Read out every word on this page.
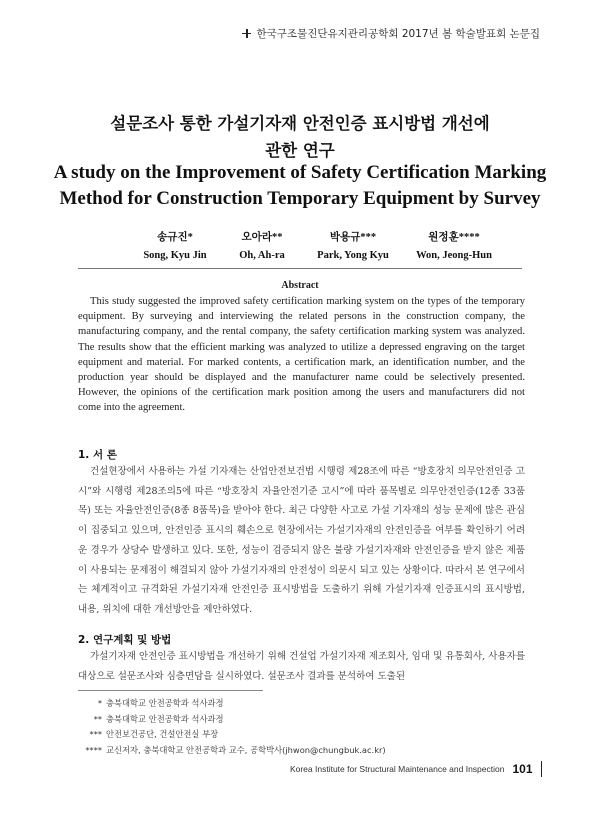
한국구조물진단유지관리공학회 2017년 봄 학술발표회 논문집
설문조사 통한 가설기자재 안전인증 표시방법 개선에
관한 연구
A study on the Improvement of Safety Certification Marking
Method for Construction Temporary Equipment by Survey
송규진*
Song, Kyu Jin
오아라**
Oh, Ah-ra
박용규***
Park, Yong Kyu
원정훈****
Won, Jeong-Hun
Abstract
This study suggested the improved safety certification marking system on the types of the temporary equipment. By surveying and interviewing the related persons in the construction company, the manufacturing company, and the rental company, the safety certification marking system was analyzed. The results show that the efficient marking was analyzed to utilize a depressed engraving on the target equipment and material. For marked contents, a certification mark, an identification number, and the production year should be displayed and the manufacturer name could be selectively presented. However, the opinions of the certification mark position among the users and manufacturers did not come into the agreement.
1. 서 론
건설현장에서 사용하는 가설 기자재는 산업안전보건법 시행령 제28조에 따른 “방호장치 의무안전인증 고시”와 시행령 제28조의5에 따른 “방호장치 자율안전기준 고시”에 따라 품목별로 의무안전인증(12종 33품목) 또는 자율안전인증(8종 8품목)을 받아야 한다. 최근 다양한 사고로 가설 기자재의 성능 문제에 많은 관심이 집중되고 있으며, 안전인증 표시의 훼손으로 현장에서는 가설기자재의 안전인증을 여부를 확인하기 어려운 경우가 상당수 발생하고 있다. 또한, 성능이 검증되지 않은 불량 가설기자재와 안전인증을 받지 않은 제품이 사용되는 문제점이 해결되지 않아 가설기자재의 안전성이 의문시 되고 있는 상황이다. 따라서 본 연구에서는 체계적이고 규격화된 가설기자재 안전인증 표시방법을 도출하기 위해 가설기자재 인증표시의 표시방법, 내용, 위치에 대한 개선방안을 제안하였다.
2. 연구계획 및 방법
가설기자재 안전인증 표시방법을 개선하기 위해 건설업 가설기자재 제조회사, 임대 및 유통회사, 사용자를 대상으로 설문조사와 심층면담을 실시하였다. 설문조사 결과를 분석하여 도출된
* 충북대학교 안전공학과 석사과정
** 충북대학교 안전공학과 석사과정
*** 안전보건공단, 건설안전실 부장
**** 교신저자, 충북대학교 안전공학과 교수, 공학박사(jhwon@chungbuk.ac.kr)
Korea Institute for Structural Maintenance and Inspection 101
